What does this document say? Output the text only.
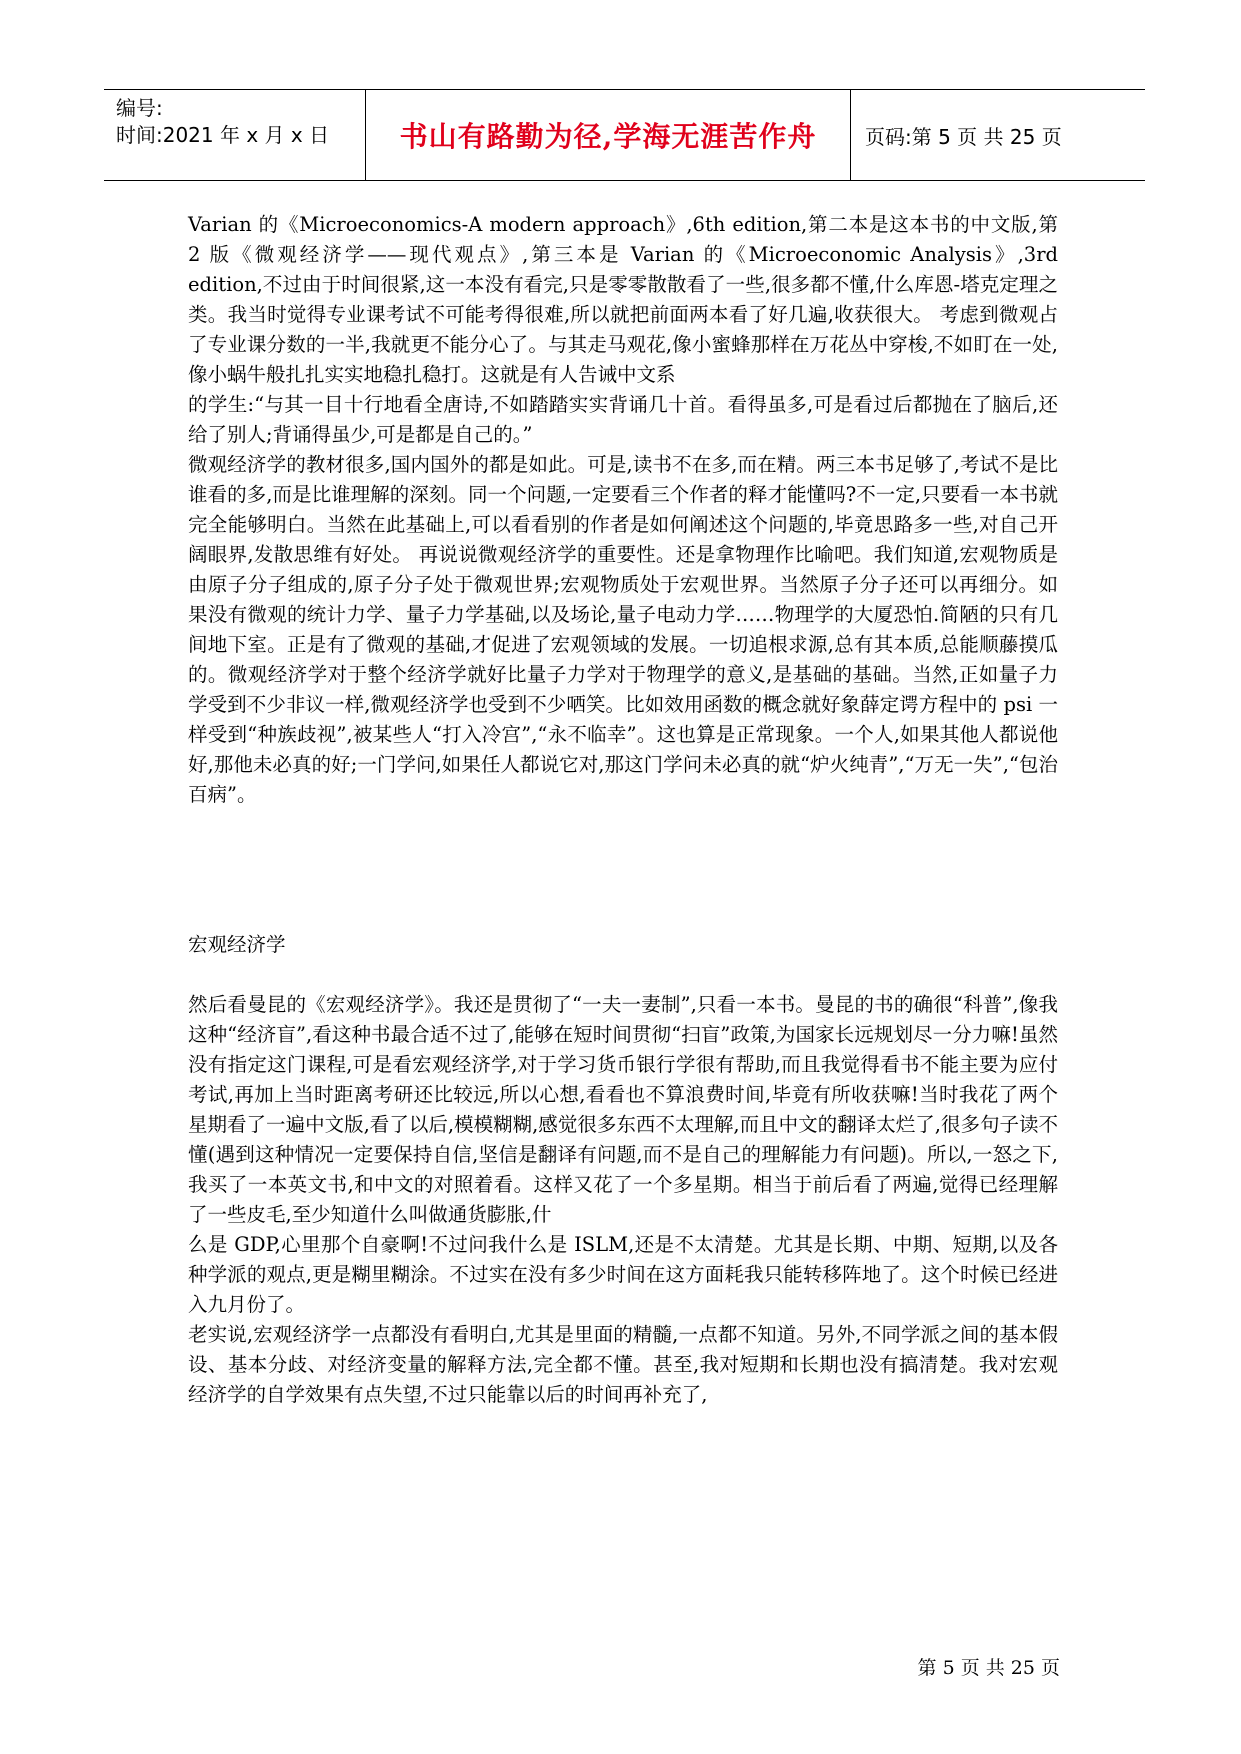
编号:
时间:2021 年 x 月 x 日	书山有路勤为径,学海无涯苦作舟	页码:第 5 页 共 25 页

Varian 的《Microeconomics-A modern approach》,6th edition,第二本是这本书的中文版,第 2 版《微观经济学——现代观点》,第三本是 Varian 的《Microeconomic Analysis》,3rd edition,不过由于时间很紧,这一本没有看完,只是零零散散看了一些,很多都不懂,什么库恩-塔克定理之类。我当时觉得专业课考试不可能考得很难,所以就把前面两本看了好几遍,收获很大。 考虑到微观占了专业课分数的一半,我就更不能分心了。与其走马观花,像小蜜蜂那样在万花丛中穿梭,不如盯在一处,像小蜗牛般扎扎实实地稳扎稳打。这就是有人告诫中文系

的学生:“与其一目十行地看全唐诗,不如踏踏实实背诵几十首。看得虽多,可是看过后都抛在了脑后,还给了别人;背诵得虽少,可是都是自己的。”

微观经济学的教材很多,国内国外的都是如此。可是,读书不在多,而在精。两三本书足够了,考试不是比谁看的多,而是比谁理解的深刻。同一个问题,一定要看三个作者的释才能懂吗?不一定,只要看一本书就完全能够明白。当然在此基础上,可以看看别的作者是如何阐述这个问题的,毕竟思路多一些,对自己开阔眼界,发散思维有好处。 再说说微观经济学的重要性。还是拿物理作比喻吧。我们知道,宏观物质是由原子分子组成的,原子分子处于微观世界;宏观物质处于宏观世界。当然原子分子还可以再细分。如果没有微观的统计力学、量子力学基础,以及场论,量子电动力学……物理学的大厦恐怕.简陋的只有几间地下室。正是有了微观的基础,才促进了宏观领域的发展。一切追根求源,总有其本质,总能顺藤摸瓜的。微观经济学对于整个经济学就好比量子力学对于物理学的意义,是基础的基础。当然,正如量子力学受到不少非议一样,微观经济学也受到不少哂笑。比如效用函数的概念就好象薛定谔方程中的 psi 一样受到“种族歧视”,被某些人“打入冷宫”,“永不临幸”。这也算是正常现象。一个人,如果其他人都说他好,那他未必真的好;一门学问,如果任人都说它对,那这门学问未必真的就“炉火纯青”,“万无一失”,“包治百病”。

宏观经济学

然后看曼昆的《宏观经济学》。我还是贯彻了“一夫一妻制”,只看一本书。曼昆的书的确很“科普”,像我这种“经济盲”,看这种书最合适不过了,能够在短时间贯彻“扫盲”政策,为国家长远规划尽一分力嘛!虽然没有指定这门课程,可是看宏观经济学,对于学习货币银行学很有帮助,而且我觉得看书不能主要为应付考试,再加上当时距离考研还比较远,所以心想,看看也不算浪费时间,毕竟有所收获嘛!当时我花了两个星期看了一遍中文版,看了以后,模模糊糊,感觉很多东西不太理解,而且中文的翻译太烂了,很多句子读不懂(遇到这种情况一定要保持自信,坚信是翻译有问题,而不是自己的理解能力有问题)。所以,一怒之下,我买了一本英文书,和中文的对照着看。这样又花了一个多星期。相当于前后看了两遍,觉得已经理解了一些皮毛,至少知道什么叫做通货膨胀,什

么是 GDP,心里那个自豪啊!不过问我什么是 ISLM,还是不太清楚。尤其是长期、中期、短期,以及各种学派的观点,更是糊里糊涂。不过实在没有多少时间在这方面耗我只能转移阵地了。这个时候已经进入九月份了。

老实说,宏观经济学一点都没有看明白,尤其是里面的精髓,一点都不知道。另外,不同学派之间的基本假设、基本分歧、对经济变量的解释方法,完全都不懂。甚至,我对短期和长期也没有搞清楚。我对宏观经济学的自学效果有点失望,不过只能靠以后的时间再补充了,

第 5 页 共 25 页
